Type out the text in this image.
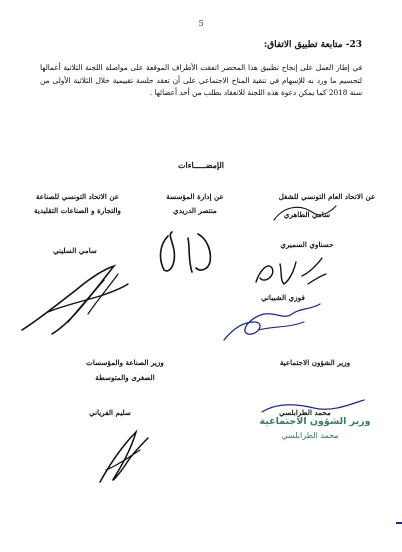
5
23- متابعة تطبيق الاتفاق:
في إطار العمل على إنجاح تطبيق هذا المحضر اتفقت الأطراف الموقعة على مواصلة اللجنة الثلاثية أعمالها لتجسيم ما ورد به للإسهام في تنقية المناخ الاجتماعي على أن تعقد جلسة تقييمية خلال الثلاثية الأولى من سنة 2018 كما يمكن دعوة هذه اللجنة للانعقاد بطلب من أحد أعضائها .
الإمضـــــاءات
عن الاتحاد العام التونسي للشغل
سامي الطاهري
حسناوي السميري
فوزي الشيباني
عن إدارة المؤسسة
منتصر الدريدي
عن الاتحاد التونسي للصناعة
والتجارة و الصناعات التقليدية
سامي السليني
وزير الشؤون الاجتماعية
محمد الطرابلسي
وزير الصناعة والمؤسسات
الصغرى والمتوسطة
سليم الفرياني
وزير الشؤون الاجتماعية
محمد الطرابلسي
